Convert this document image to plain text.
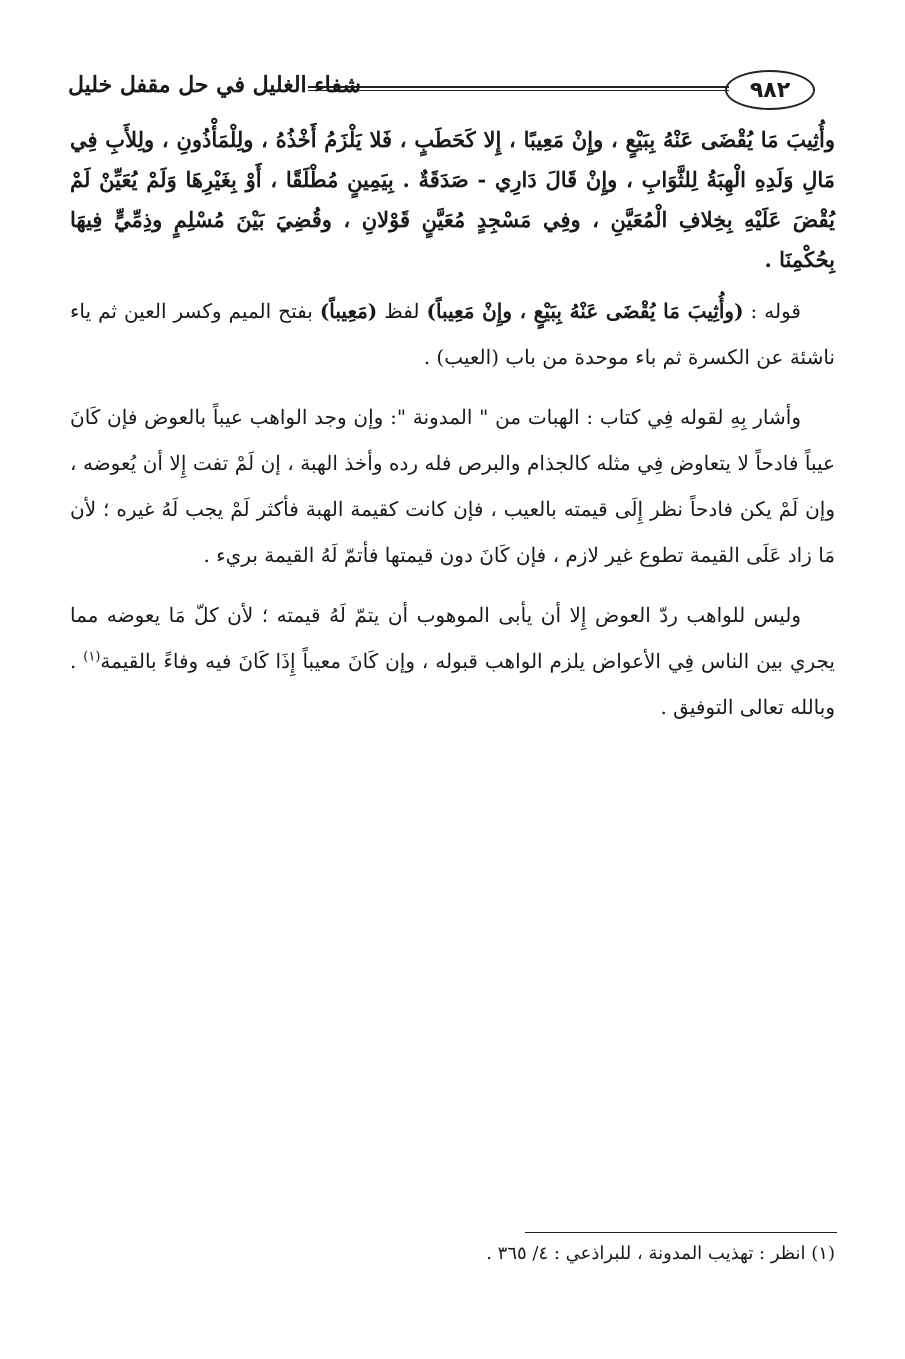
٩٨٢
شفاء الغليل في حل مقفل خليل
وأُثِيبَ مَا يُقْضَى عَنْهُ بِبَيْعٍ ، وإِنْ مَعِيبًا ، إِلا كَحَطَبٍ ، فَلا يَلْزَمُ أَخْذُهُ ، ولِلْمَأْذُونِ ، ولِلأَبِ فِي مَالِ وَلَدِهِ الْهِبَةُ لِلثَّوَابِ ، وإِنْ قَالَ دَارِي - صَدَقَةٌ . بِيَمِينٍ مُطْلَقًا ، أَوْ بِغَيْرِهَا وَلَمْ يُعَيِّنْ لَمْ يُقْضَ عَلَيْهِ بِخِلافِ الْمُعَيَّنِ ، وفِي مَسْجِدٍ مُعَيَّنٍ قَوْلانِ ، وقُضِيَ بَيْنَ مُسْلِمٍ وذِمِّيٍّ فِيهَا بِحُكْمِنَا .

قوله : (وأُثِيبَ مَا يُقْضَى عَنْهُ بِبَيْعٍ ، وإِنْ مَعِيباً) لفظ (مَعِيباً) بفتح الميم وكسر العين ثم ياء ناشئة عن الكسرة ثم باء موحدة من باب (العيب) .

وأشار بِهِ لقوله فِي كتاب : الهبات من " المدونة ": وإن وجد الواهب عيباً بالعوض فإن كَانَ عيباً فادحاً لا يتعاوض فِي مثله كالجذام والبرص فله رده وأخذ الهبة ، إن لَمْ تفت إِلا أن يُعوضه ، وإن لَمْ يكن فادحاً نظر إِلَى قيمته بالعيب ، فإن كانت كقيمة الهبة فأكثر لَمْ يجب لَهُ غيره ؛ لأن مَا زاد عَلَى القيمة تطوع غير لازم ، فإن كَانَ دون قيمتها فأتمّ لَهُ القيمة بريء .

وليس للواهب ردّ العوض إِلا أن يأبى الموهوب أن يتمّ لَهُ قيمته ؛ لأن كلّ مَا يعوضه مما يجري بين الناس فِي الأعواض يلزم الواهب قبوله ، وإن كَانَ معيباً إِذَا كَانَ فيه وفاءً بالقيمة$^{(١)}$ . وبالله تعالى التوفيق .

(١) انظر : تهذيب المدونة ، للبراذعي : ٤/ ٣٦٥ .
